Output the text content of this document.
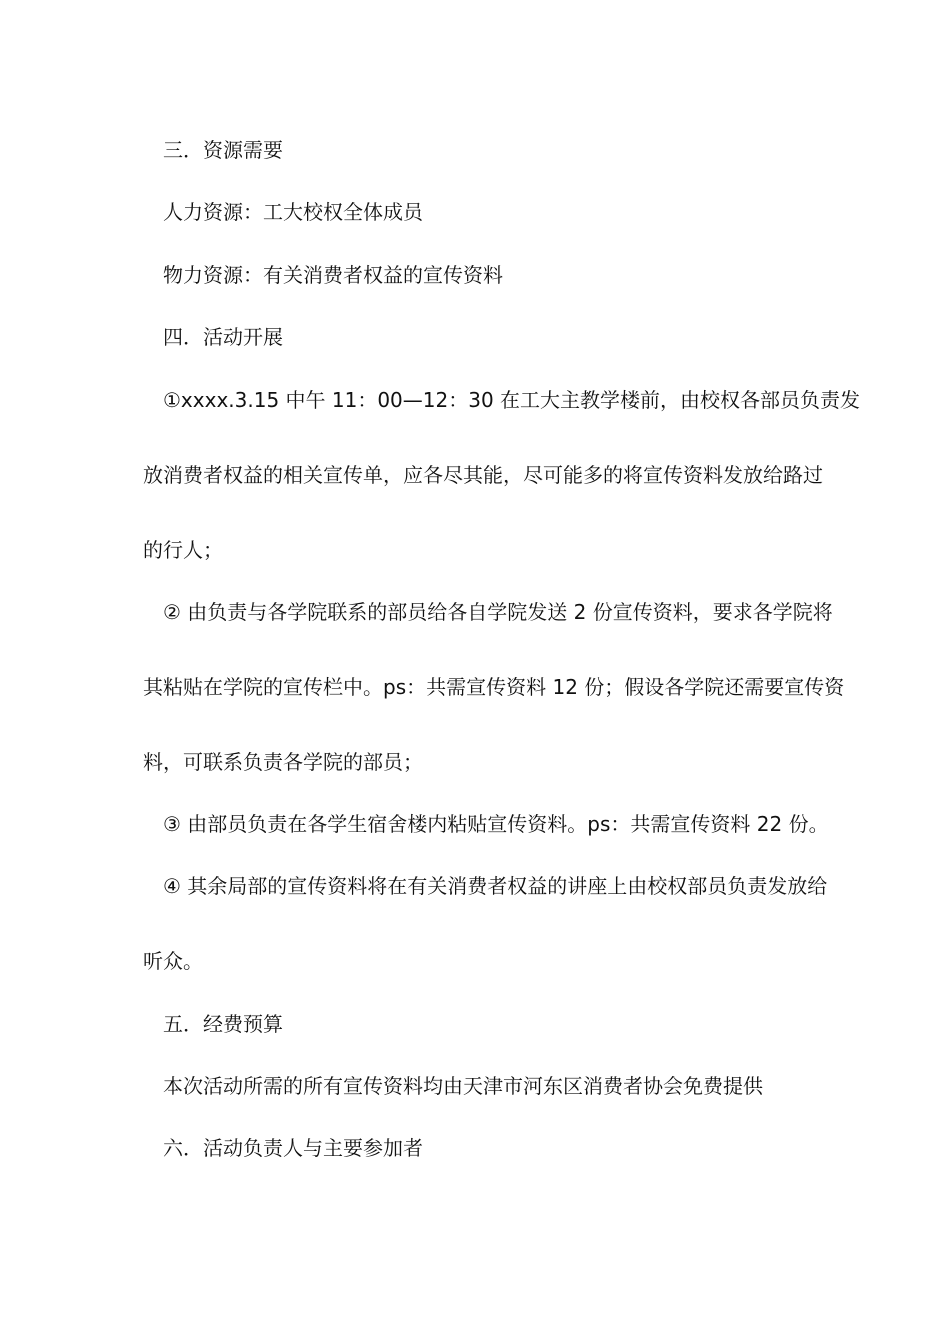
三．资源需要
人力资源：工大校权全体成员
物力资源：有关消费者权益的宣传资料
四．活动开展
①xxxx.3.15 中午 11：00—12：30 在工大主教学楼前，由校权各部员负责发
放消费者权益的相关宣传单，应各尽其能，尽可能多的将宣传资料发放给路过
的行人；
② 由负责与各学院联系的部员给各自学院发送 2 份宣传资料，要求各学院将
其粘贴在学院的宣传栏中。ps：共需宣传资料 12 份；假设各学院还需要宣传资
料，可联系负责各学院的部员；
③ 由部员负责在各学生宿舍楼内粘贴宣传资料。ps：共需宣传资料 22 份。
④ 其余局部的宣传资料将在有关消费者权益的讲座上由校权部员负责发放给
听众。
五．经费预算
本次活动所需的所有宣传资料均由天津市河东区消费者协会免费提供
六．活动负责人与主要参加者
